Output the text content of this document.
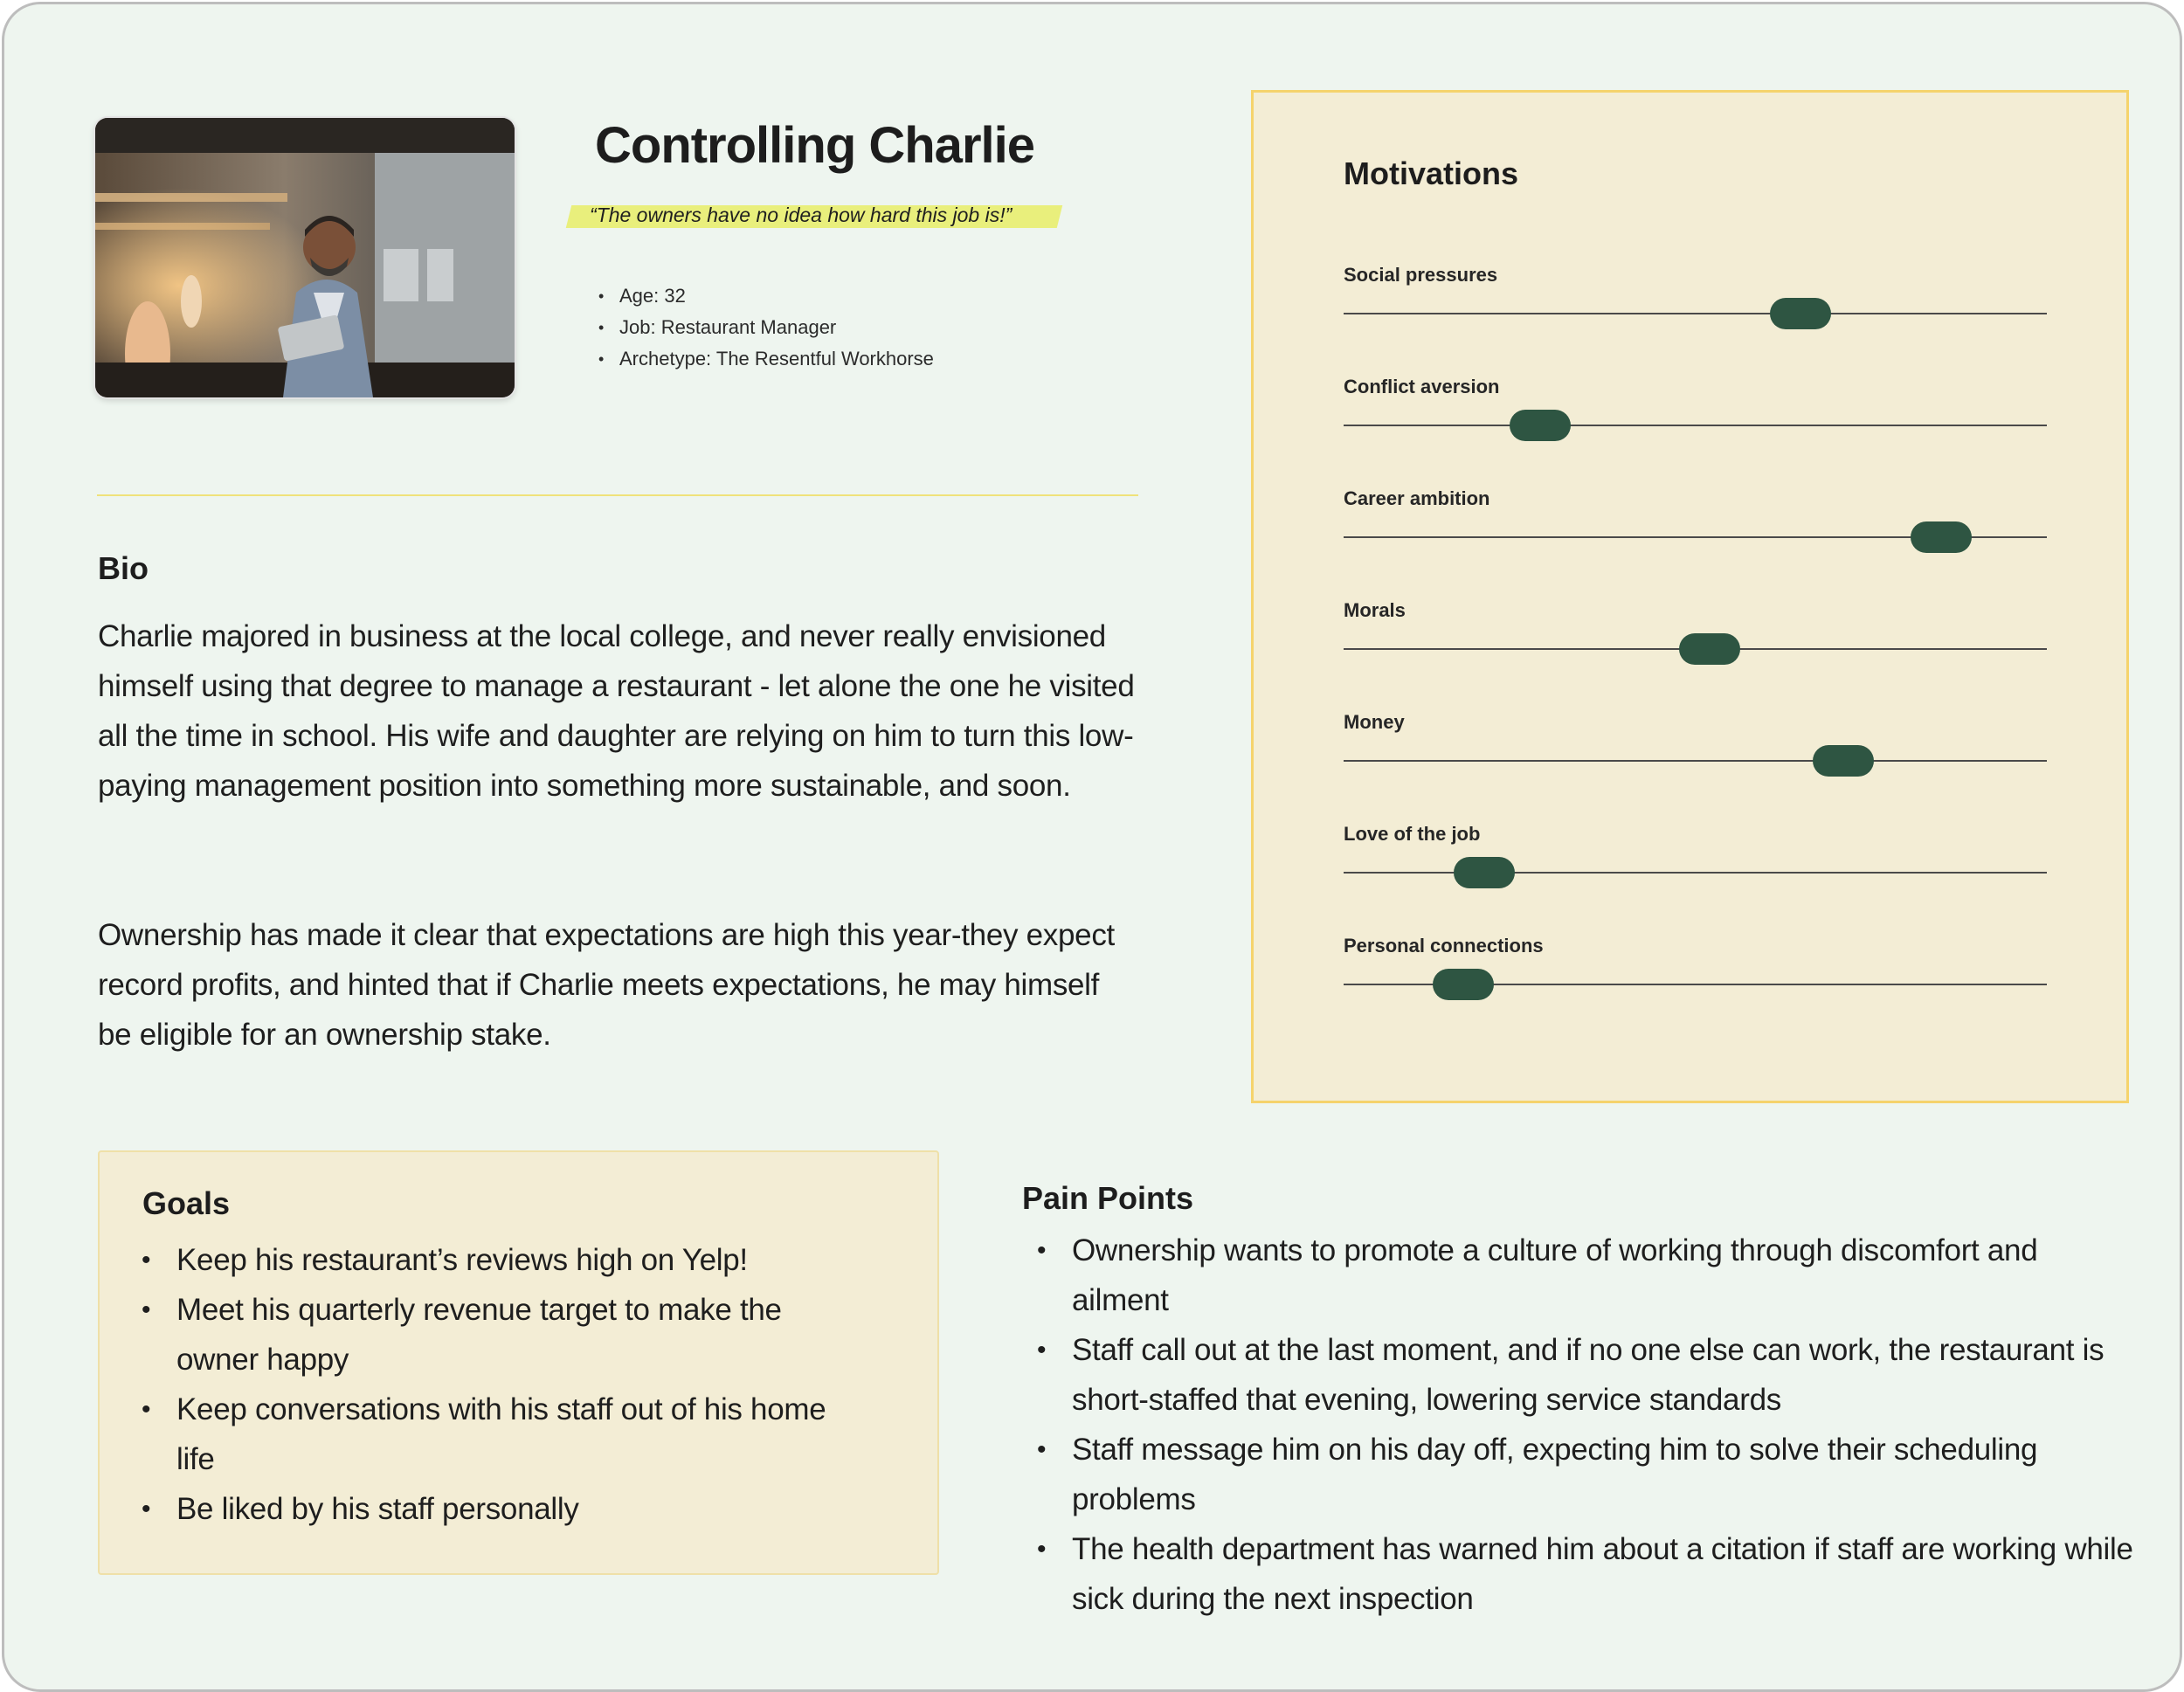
Controlling Charlie
“The owners have no idea how hard this job is!”
• Age: 32
• Job: Restaurant Manager
• Archetype: The Resentful Workhorse
Bio

Charlie majored in business at the local college, and never really envisioned himself using that degree to manage a restaurant - let alone the one he visited all the time in school. His wife and daughter are relying on him to turn this low-paying management position into something more sustainable, and soon.

Ownership has made it clear that expectations are high this year-they expect record profits, and hinted that if Charlie meets expectations, he may himself be eligible for an ownership stake.

Motivations
Social pressures
Conflict aversion
Career ambition
Morals
Money
Love of the job
Personal connections
Goals
• Keep his restaurant’s reviews high on Yelp!
• Meet his quarterly revenue target to make the owner happy
• Keep conversations with his staff out of his home life
• Be liked by his staff personally
Pain Points
• Ownership wants to promote a culture of working through discomfort and ailment
• Staff call out at the last moment, and if no one else can work, the restaurant is short-staffed that evening, lowering service standards
• Staff message him on his day off, expecting him to solve their scheduling problems
• The health department has warned him about a citation if staff are working while sick during the next inspection
